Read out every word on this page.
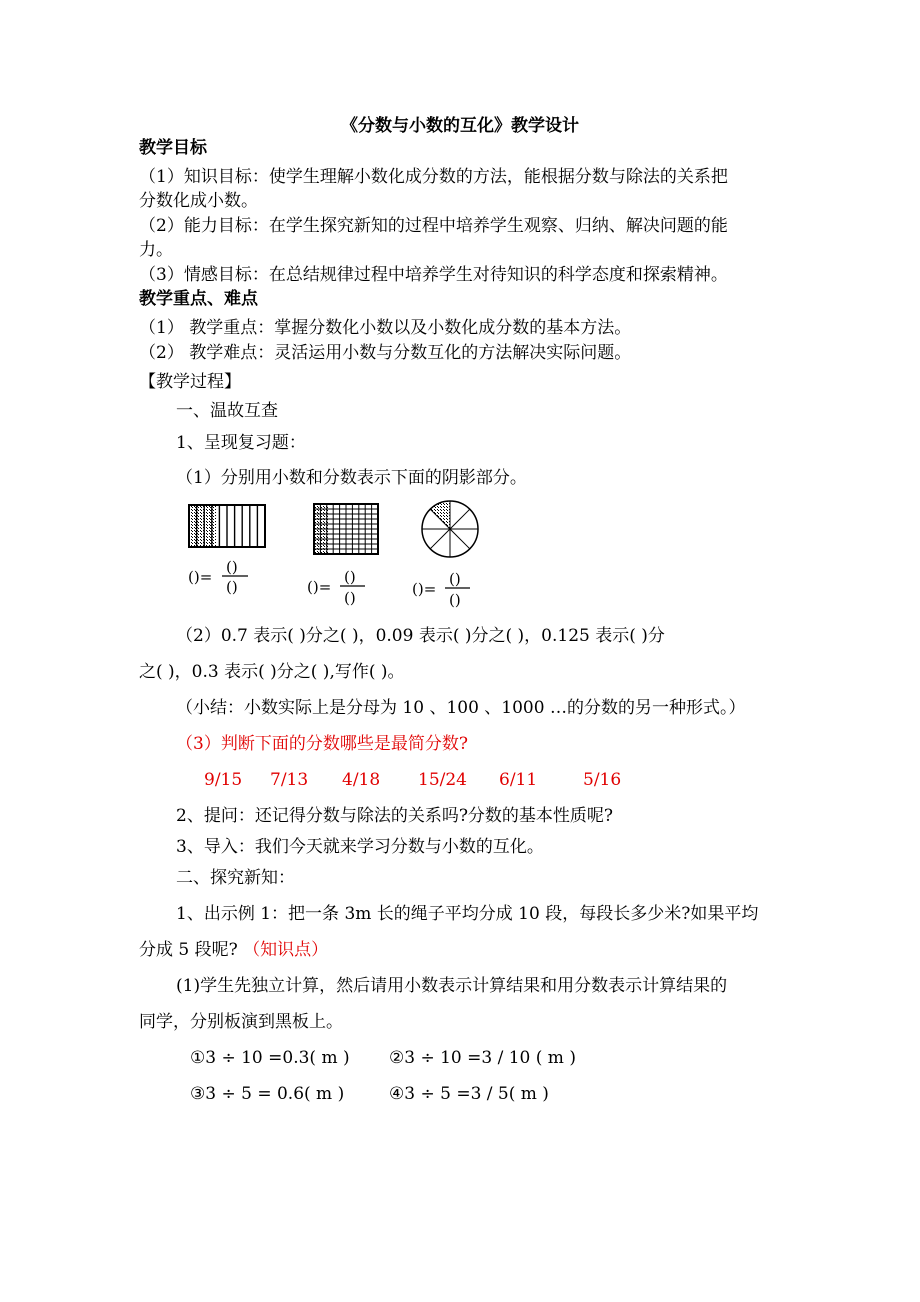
《分数与小数的互化》教学设计
教学目标
（1）知识目标：使学生理解小数化成分数的方法，能根据分数与除法的关系把
分数化成小数。
（2）能力目标：在学生探究新知的过程中培养学生观察、归纳、解决问题的能
力。
（3）情感目标：在总结规律过程中培养学生对待知识的科学态度和探索精神。
教学重点、难点
（1） 教学重点：掌握分数化小数以及小数化成分数的基本方法。
（2） 教学难点：灵活运用小数与分数互化的方法解决实际问题。
【教学过程】
一、温故互查
1、呈现复习题：
（1）分别用小数和分数表示下面的阴影部分。
()=
()
()	()=
()
()	()=
()
()
（2）0.7 表示( )分之( )，0.09 表示( )分之( )，0.125 表示( )分
之( )，0.3 表示( )分之( ),写作( )。
（小结：小数实际上是分母为 10 、100 、1000 …的分数的另一种形式。）
（3）判断下面的分数哪些是最简分数?
9/15 7/13 4/18 15/24 6/11	5/16
2、提问：还记得分数与除法的关系吗?分数的基本性质呢?
3、导入：我们今天就来学习分数与小数的互化。
二、探究新知：
1、出示例 1：把一条 3m 长的绳子平均分成 10 段，每段长多少米?如果平均
分成 5 段呢? （知识点）
(1)学生先独立计算，然后请用小数表示计算结果和用分数表示计算结果的
同学，分别板演到黑板上。
①3 ÷ 10 =0.3( m ) ②3 ÷ 10 =3 / 10 ( m )
③3 ÷ 5 = 0.6( m )	④3 ÷ 5 =3 / 5( m )
